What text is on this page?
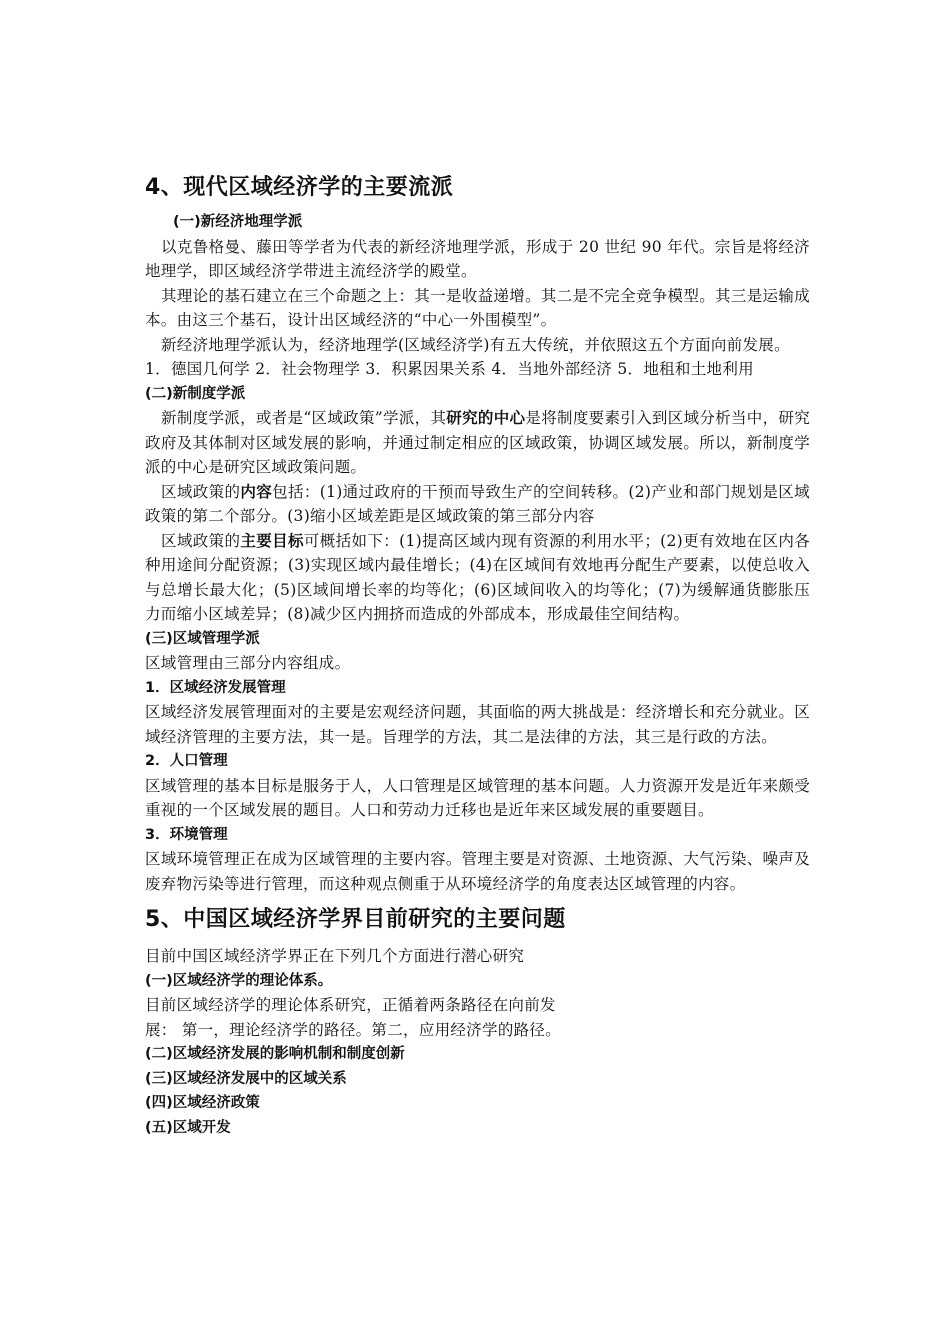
4、现代区域经济学的主要流派
(一)新经济地理学派

以克鲁格曼、藤田等学者为代表的新经济地理学派，形成于 20 世纪 90 年代。宗旨是将经济地理学，即区域经济学带进主流经济学的殿堂。

其理论的基石建立在三个命题之上：其一是收益递增。其二是不完全竞争模型。其三是运输成本。由这三个基石，设计出区域经济的“中心一外围模型”。

新经济地理学派认为，经济地理学(区域经济学)有五大传统，并依照这五个方面向前发展。

1．德国几何学 2．社会物理学 3．积累因果关系 4．当地外部经济 5．地租和土地利用

(二)新制度学派

新制度学派，或者是“区域政策”学派，其研究的中心是将制度要素引入到区域分析当中，研究政府及其体制对区域发展的影响，并通过制定相应的区域政策，协调区域发展。所以，新制度学派的中心是研究区域政策问题。

区域政策的内容包括：(1)通过政府的干预而导致生产的空间转移。(2)产业和部门规划是区域政策的第二个部分。(3)缩小区域差距是区域政策的第三部分内容

区域政策的主要目标可概括如下：(1)提高区域内现有资源的利用水平；(2)更有效地在区内各种用途间分配资源；(3)实现区域内最佳增长；(4)在区域间有效地再分配生产要素，以使总收入与总增长最大化；(5)区域间增长率的均等化；(6)区域间收入的均等化；(7)为缓解通货膨胀压力而缩小区域差异；(8)减少区内拥挤而造成的外部成本，形成最佳空间结构。

(三)区域管理学派

区域管理由三部分内容组成。

1．区域经济发展管理

区域经济发展管理面对的主要是宏观经济问题，其面临的两大挑战是：经济增长和充分就业。区域经济管理的主要方法，其一是。旨理学的方法，其二是法律的方法，其三是行政的方法。

2．人口管理

区域管理的基本目标是服务于人，人口管理是区域管理的基本问题。人力资源开发是近年来颇受重视的一个区域发展的题目。人口和劳动力迁移也是近年来区域发展的重要题目。

3．环境管理

区域环境管理正在成为区域管理的主要内容。管理主要是对资源、土地资源、大气污染、噪声及废弃物污染等进行管理，而这种观点侧重于从环境经济学的角度表达区域管理的内容。

5、中国区域经济学界目前研究的主要问题

目前中国区域经济学界正在下列几个方面进行潜心研究

(一)区域经济学的理论体系。

目前区域经济学的理论体系研究，正循着两条路径在向前发

展： 第一，理论经济学的路径。第二，应用经济学的路径。

(二)区域经济发展的影响机制和制度创新
(三)区域经济发展中的区域关系
(四)区域经济政策
(五)区域开发
